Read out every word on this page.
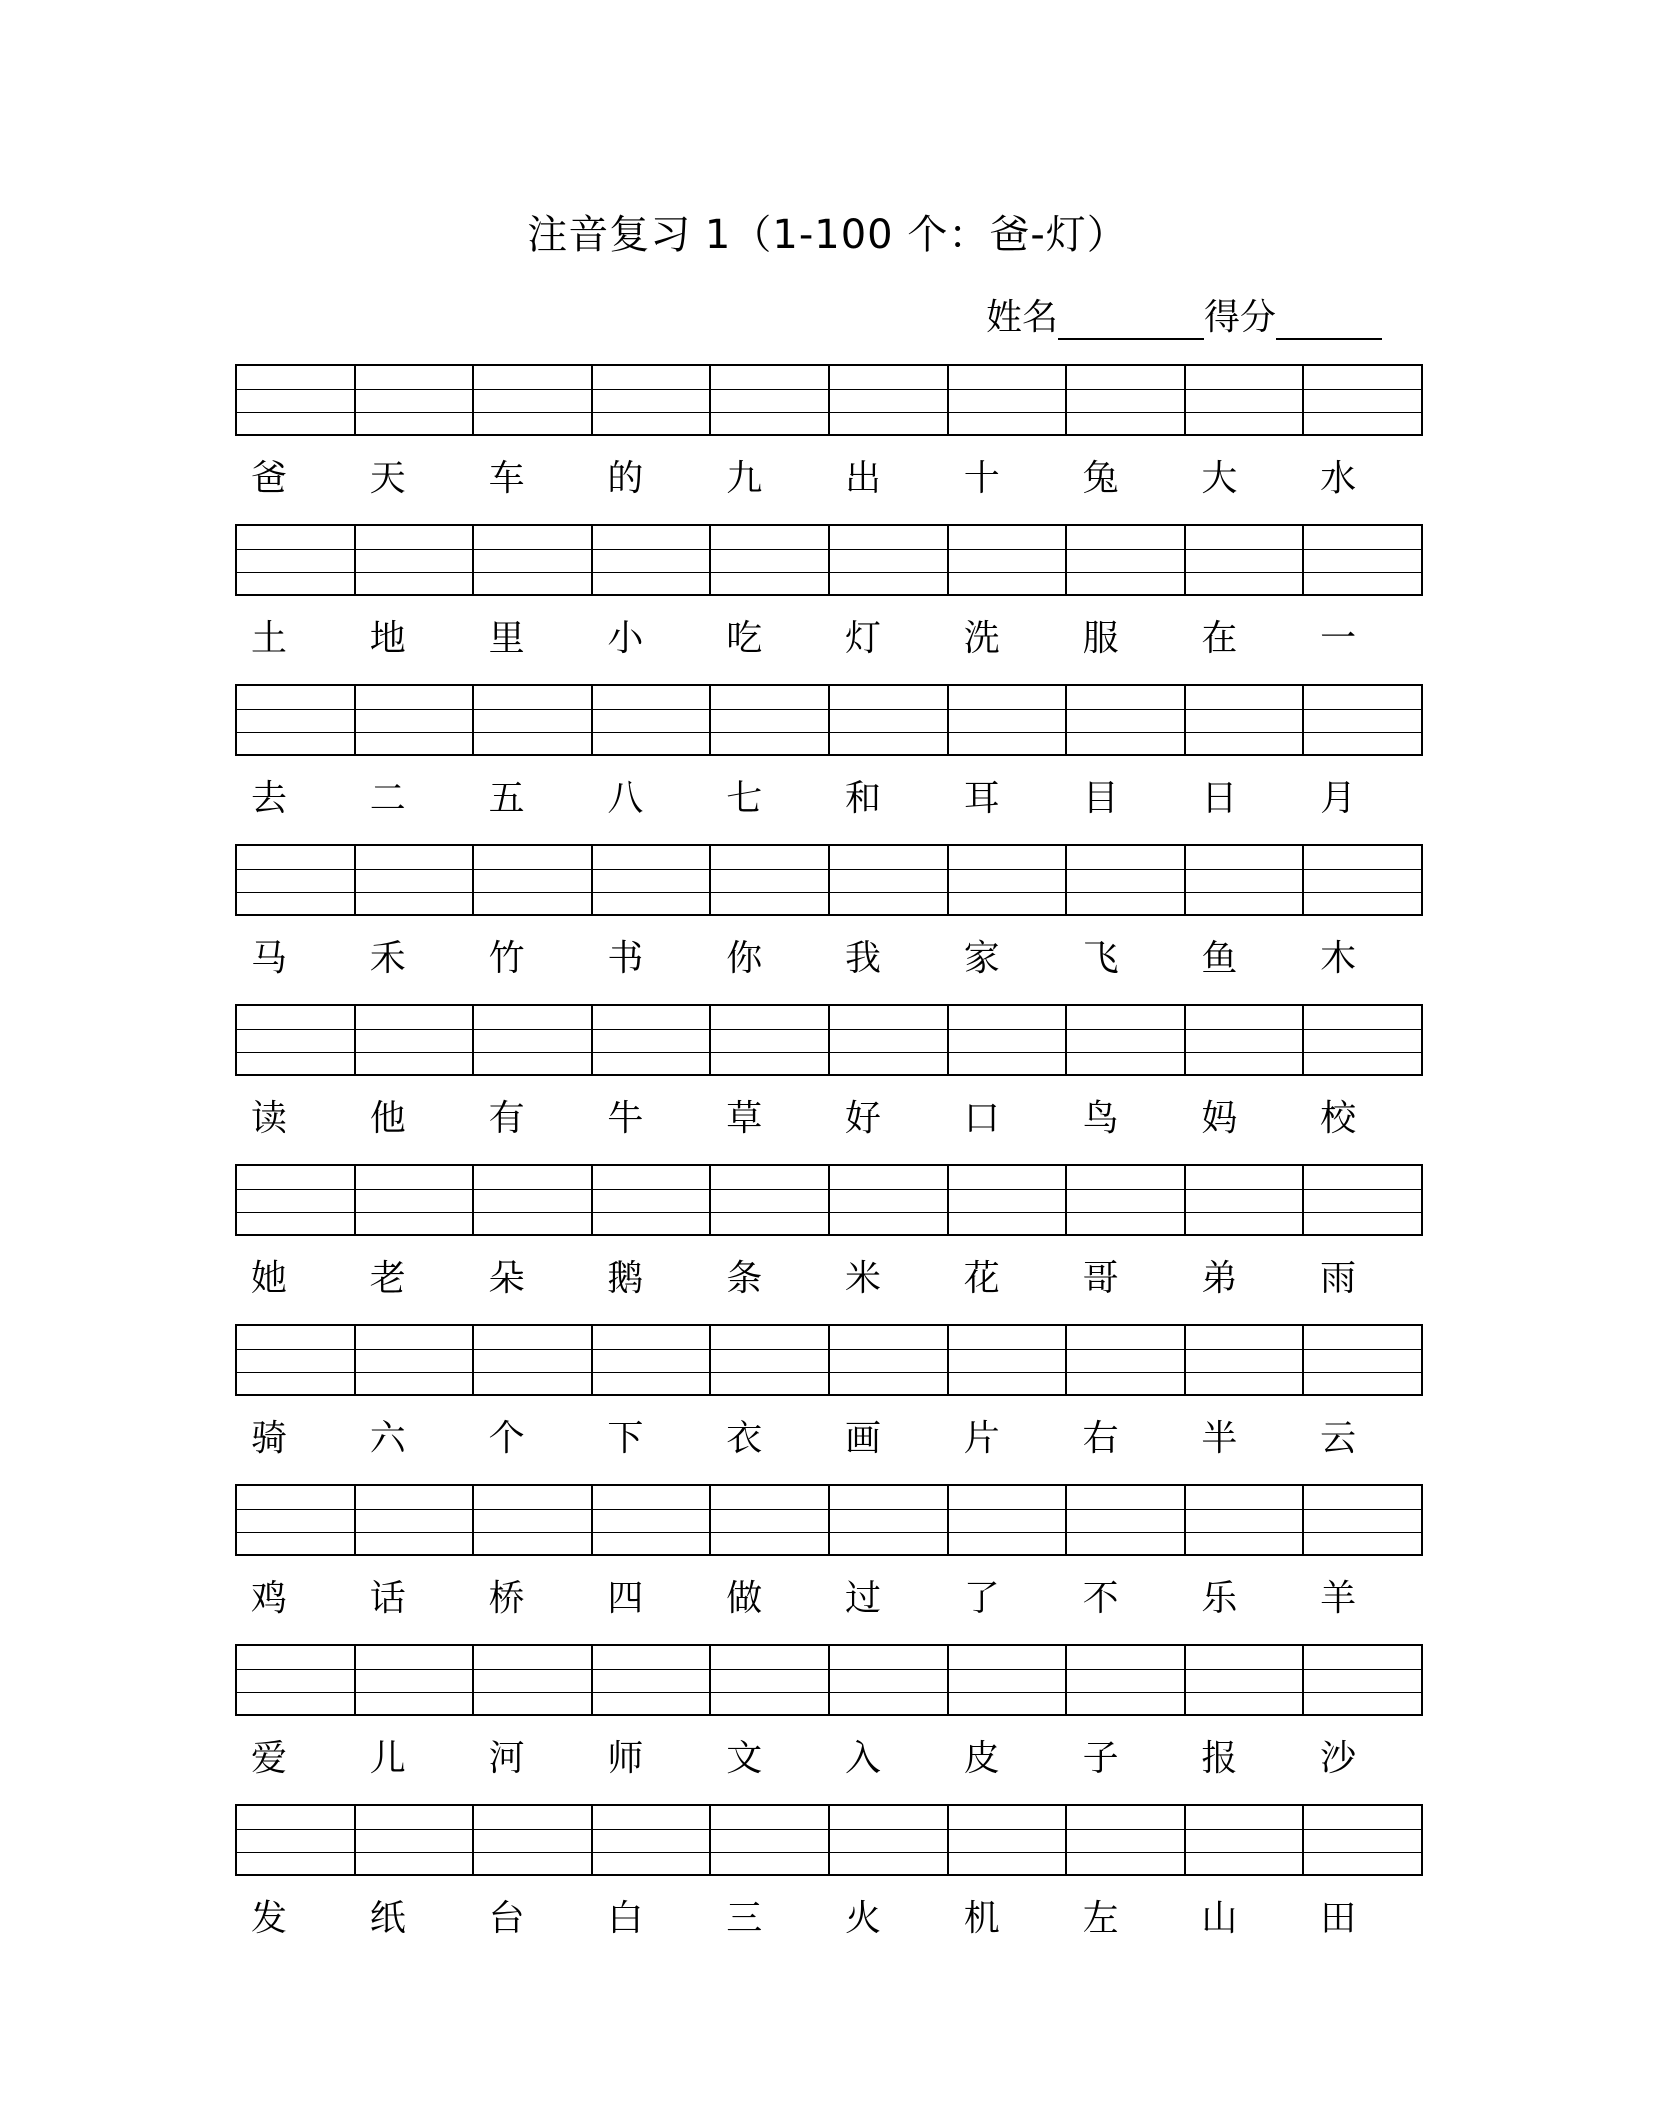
注音复习 1（1-100 个：爸-灯）
姓名	得分
爸	天	车	的	九	出	十	兔	大	水
土	地	里	小	吃	灯	洗	服	在	一
去	二	五	八	七	和	耳	目	日	月
马	禾	竹	书	你	我	家	飞	鱼	木
读	他	有	牛	草	好	口	鸟	妈	校
她	老	朵	鹅	条	米	花	哥	弟	雨
骑	六	个	下	衣	画	片	右	半	云
鸡	话	桥	四	做	过	了	不	乐	羊
爱	儿	河	师	文	入	皮	子	报	沙
发	纸	台	白	三	火	机	左	山	田
